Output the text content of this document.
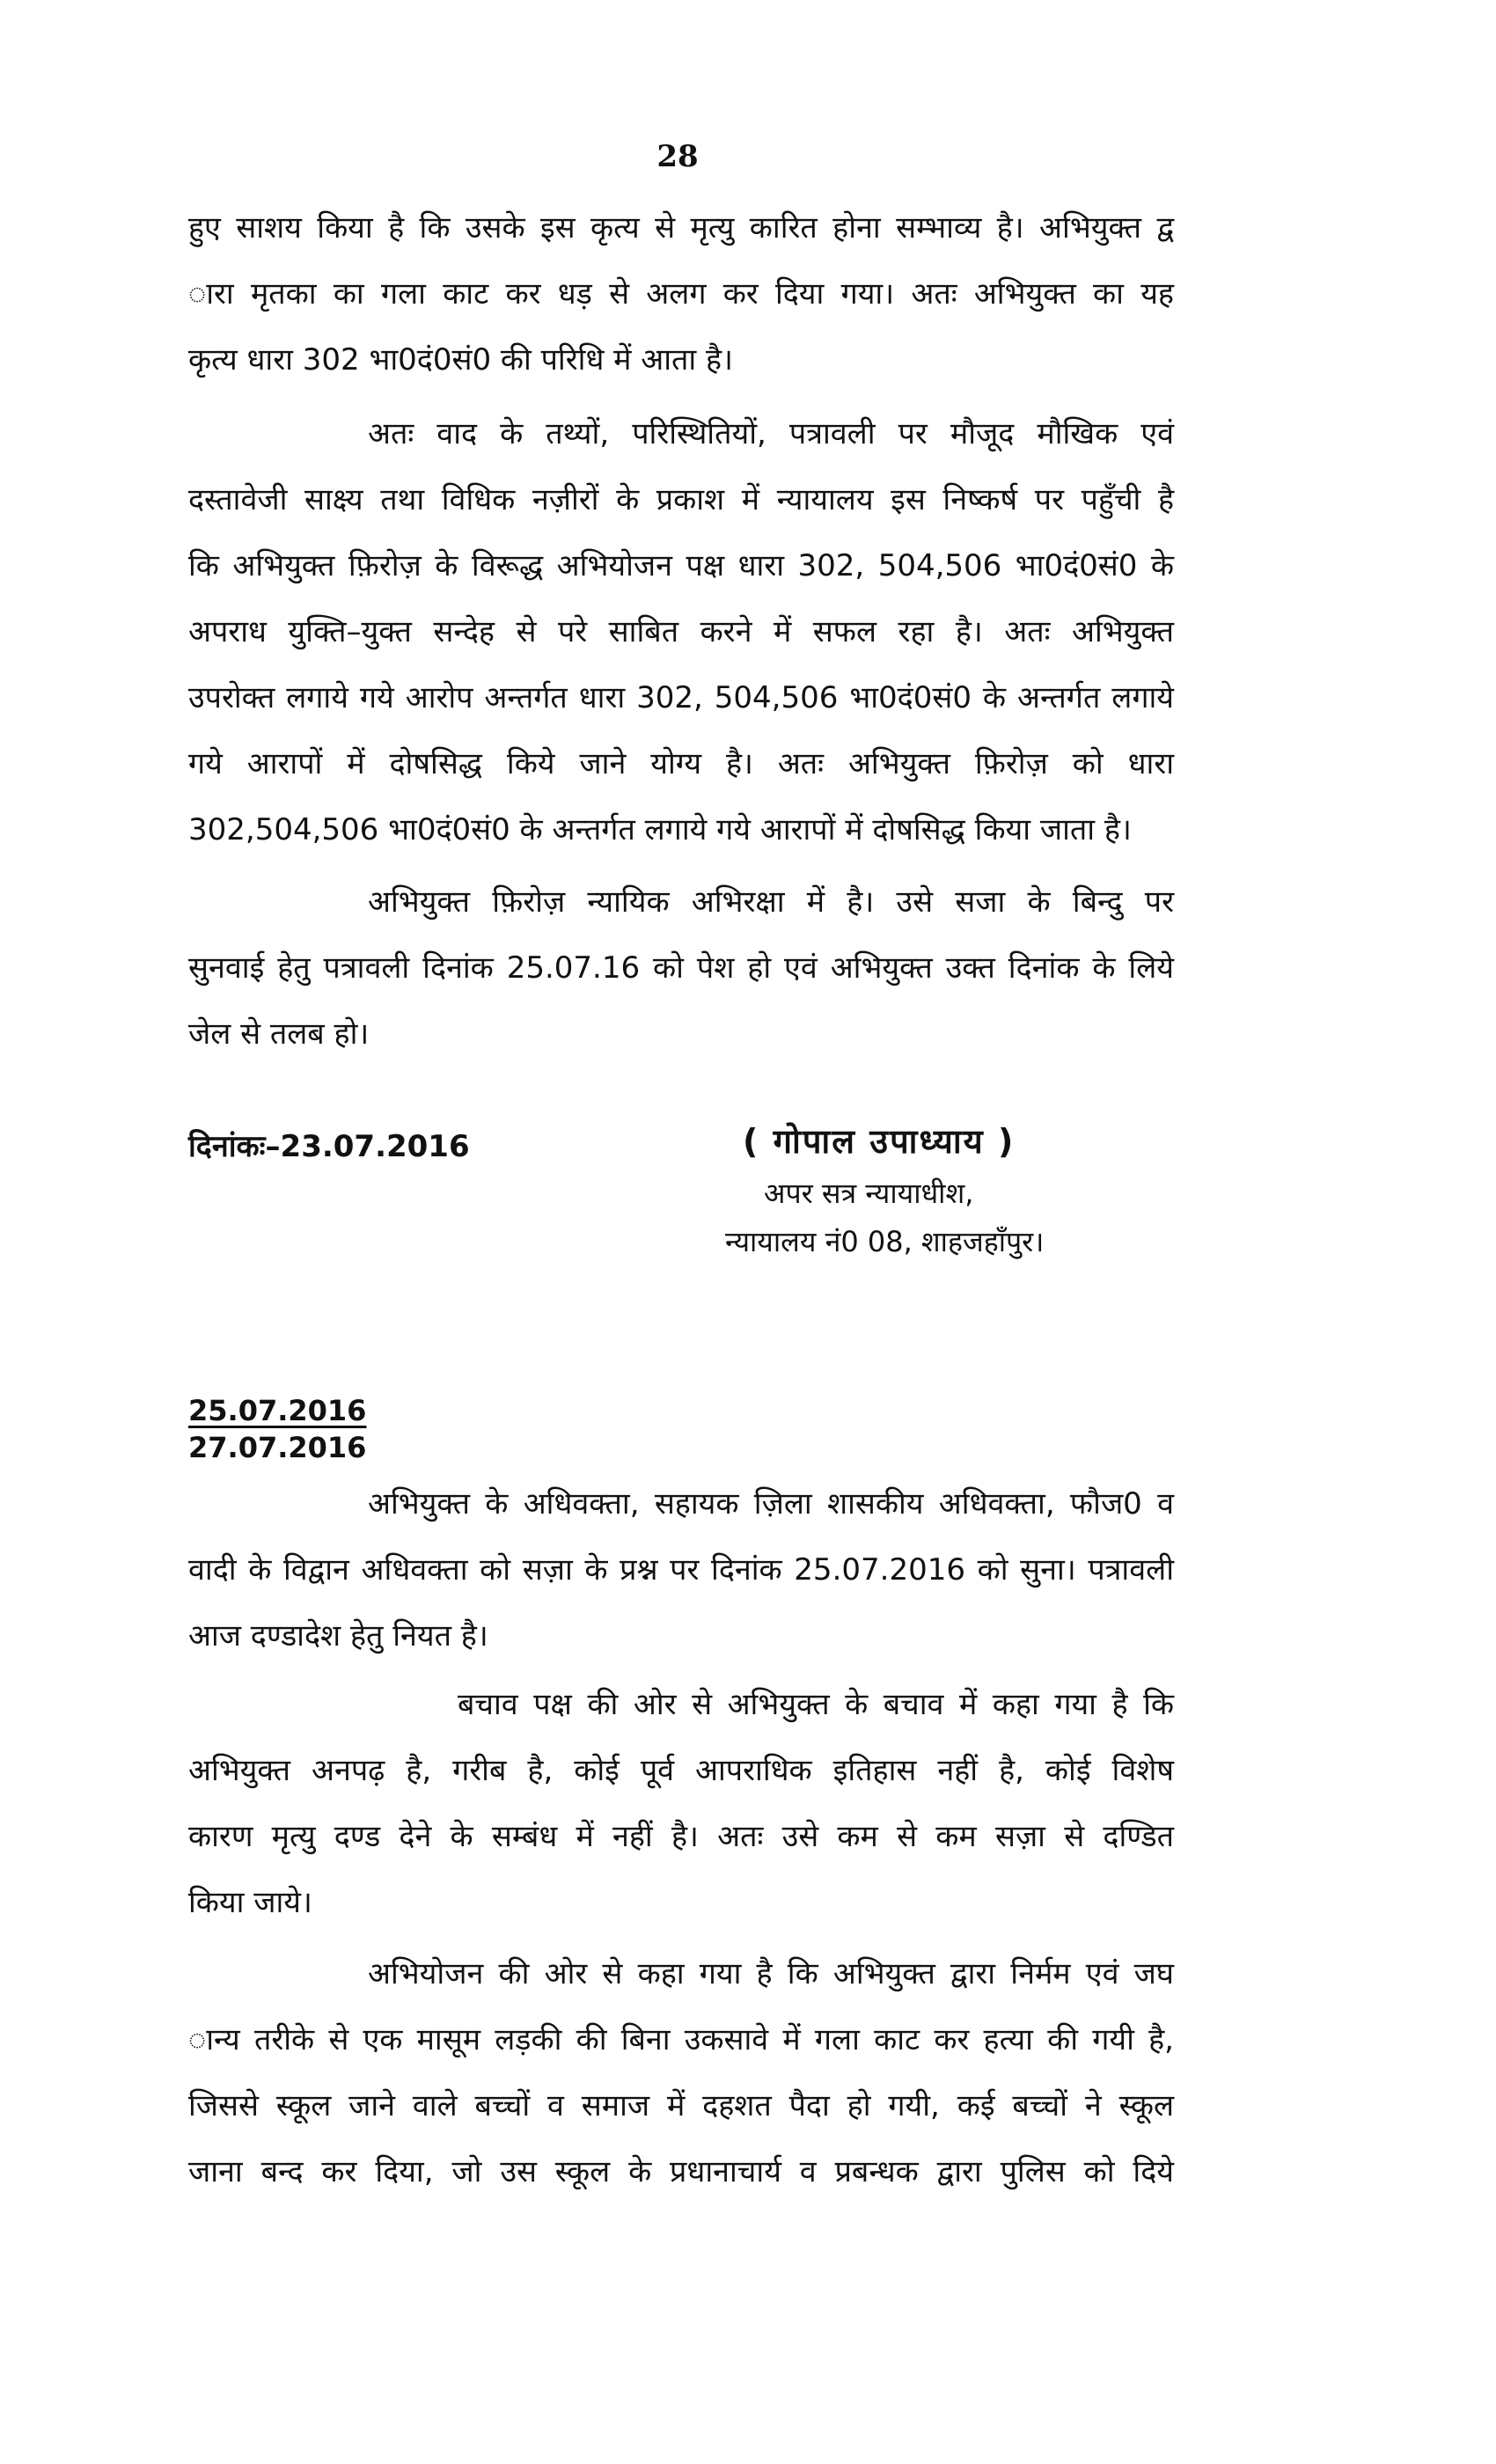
28
हुए साशय किया है कि उसके इस कृत्य से मृत्यु कारित होना सम्भाव्य है। अभियुक्त द्व
ारा मृतका का गला काट कर धड़ से अलग कर दिया गया। अतः अभियुक्त का यह
कृत्य धारा 302 भा0दं0सं0 की परिधि में आता है।
अतः वाद के तथ्यों, परिस्थितियों, पत्रावली पर मौजूद मौखिक एवं
दस्तावेजी साक्ष्य तथा विधिक नज़ीरों के प्रकाश में न्यायालय इस निष्कर्ष पर पहुँची है
कि अभियुक्त फ़िरोज़ के विरूद्ध अभियोजन पक्ष धारा 302, 504,506 भा0दं0सं0 के
अपराध युक्ति–युक्त सन्देह से परे साबित करने में सफल रहा है। अतः अभियुक्त
उपरोक्त लगाये गये आरोप अन्तर्गत धारा 302, 504,506 भा0दं0सं0 के अन्तर्गत लगाये
गये आरापों में दोषसिद्ध किये जाने योग्य है। अतः अभियुक्त फ़िरोज़ को धारा
302,504,506 भा0दं0सं0 के अन्तर्गत लगाये गये आरापों में दोषसिद्ध किया जाता है।
अभियुक्त फ़िरोज़ न्यायिक अभिरक्षा में है। उसे सजा के बिन्दु पर
सुनवाई हेतु पत्रावली दिनांक 25.07.16 को पेश हो एवं अभियुक्त उक्त दिनांक के लिये
जेल से तलब हो।
दिनांकः–23.07.2016	( गोपाल उपाध्याय )
अपर सत्र न्यायाधीश,
न्यायालय नं0 08, शाहजहाँपुर।
25.07.2016
27.07.2016
अभियुक्त के अधिवक्ता, सहायक ज़िला शासकीय अधिवक्ता, फौज0 व
वादी के विद्वान अधिवक्ता को सज़ा के प्रश्न पर दिनांक 25.07.2016 को सुना। पत्रावली
आज दण्डादेश हेतु नियत है।
बचाव पक्ष की ओर से अभियुक्त के बचाव में कहा गया है कि
अभियुक्त अनपढ़ है, गरीब है, कोई पूर्व आपराधिक इतिहास नहीं है, कोई विशेष
कारण मृत्यु दण्ड देने के सम्बंध में नहीं है। अतः उसे कम से कम सज़ा से दण्डित
किया जाये।
अभियोजन की ओर से कहा गया है कि अभियुक्त द्वारा निर्मम एवं जघ
ान्य तरीके से एक मासूम लड़की की बिना उकसावे में गला काट कर हत्या की गयी है,
जिससे स्कूल जाने वाले बच्चों व समाज में दहशत पैदा हो गयी, कई बच्चों ने स्कूल
जाना बन्द कर दिया, जो उस स्कूल के प्रधानाचार्य व प्रबन्धक द्वारा पुलिस को दिये
